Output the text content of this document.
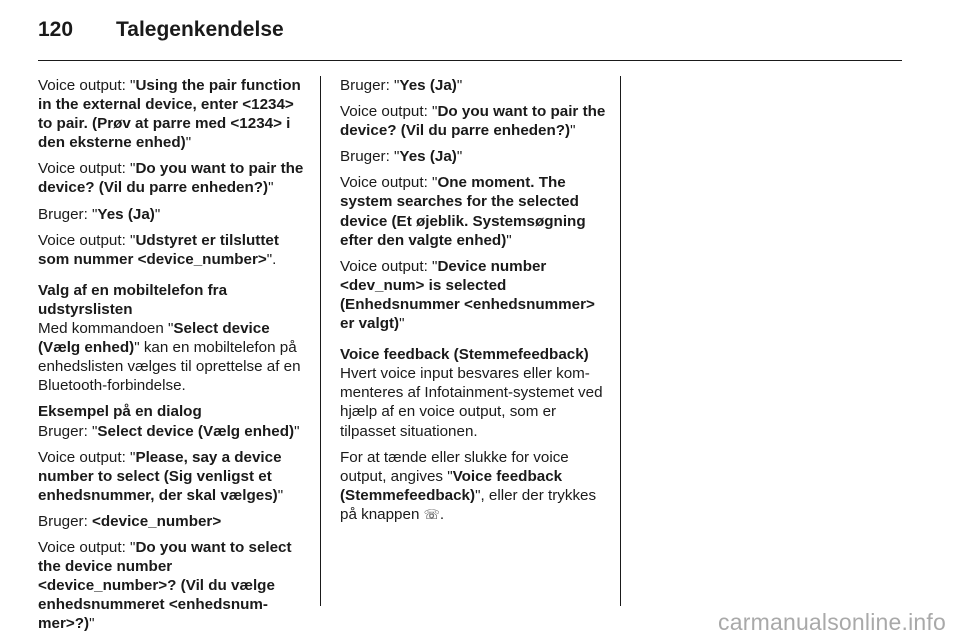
120 Talegenkendelse

Voice output: "Using the pair function in the external device, enter <1234> to pair. (Prøv at parre med <1234> i den eksterne enhed)"

Voice output: "Do you want to pair the device? (Vil du parre enheden?)"

Bruger: "Yes (Ja)"

Voice output: "Udstyret er tilsluttet som nummer <device_number>".

Valg af en mobiltelefon fra udstyrslisten

Med kommandoen "Select device (Vælg enhed)" kan en mobiltelefon på enhedslisten vælges til oprettelse af en Bluetooth-forbindelse.

Eksempel på en dialog

Bruger: "Select device (Vælg enhed)"

Voice output: "Please, say a device number to select (Sig venligst et enhedsnummer, der skal vælges)"

Bruger: <device_number>

Voice output: "Do you want to select the device number <device_number>? (Vil du vælge enhedsnummeret <enhedsnum-mer>?)"

Bruger: "Yes (Ja)"

Voice output: "Do you want to pair the device? (Vil du parre enheden?)"

Bruger: "Yes (Ja)"

Voice output: "One moment. The system searches for the selected device (Et øjeblik. Systemsøgning efter den valgte enhed)"

Voice output: "Device number <dev_num> is selected (Enhedsnummer <enhedsnummer> er valgt)"

Voice feedback (Stemmefeedback)

Hvert voice input besvares eller kom-menteres af Infotainment-systemet ved hjælp af en voice output, som er tilpasset situationen.

For at tænde eller slukke for voice output, angives "Voice feedback (Stemmefeedback)", eller der trykkes på knappen ☏.

carmanualsonline.info
